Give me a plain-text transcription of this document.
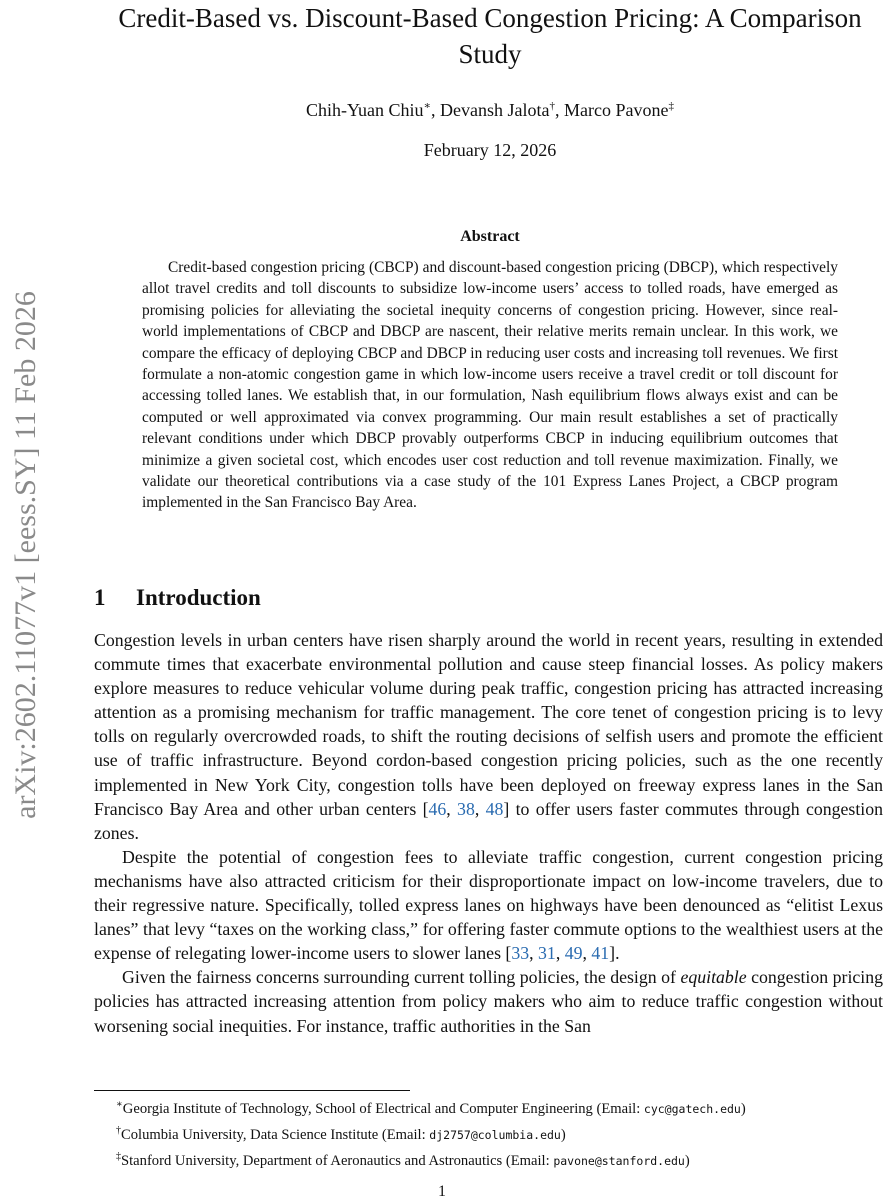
arXiv:2602.11077v1 [eess.SY] 11 Feb 2026
Credit-Based vs. Discount-Based Congestion Pricing: A Comparison Study
Chih-Yuan Chiu∗, Devansh Jalota†, Marco Pavone‡
February 12, 2026
Abstract

Credit-based congestion pricing (CBCP) and discount-based congestion pricing (DBCP), which respectively allot travel credits and toll discounts to subsidize low-income users’ access to tolled roads, have emerged as promising policies for alleviating the societal inequity concerns of congestion pricing. However, since real-world implementations of CBCP and DBCP are nascent, their relative merits remain unclear. In this work, we compare the efficacy of deploying CBCP and DBCP in reducing user costs and increasing toll revenues. We first formulate a non-atomic congestion game in which low-income users receive a travel credit or toll discount for accessing tolled lanes. We establish that, in our formulation, Nash equilibrium flows always exist and can be computed or well approximated via convex programming. Our main result establishes a set of practically relevant conditions under which DBCP provably outperforms CBCP in inducing equilibrium outcomes that minimize a given societal cost, which encodes user cost reduction and toll revenue maximization. Finally, we validate our theoretical contributions via a case study of the 101 Express Lanes Project, a CBCP program implemented in the San Francisco Bay Area.

1 Introduction

Congestion levels in urban centers have risen sharply around the world in recent years, resulting in extended commute times that exacerbate environmental pollution and cause steep financial losses. As policy makers explore measures to reduce vehicular volume during peak traffic, congestion pricing has attracted increasing attention as a promising mechanism for traffic management. The core tenet of congestion pricing is to levy tolls on regularly overcrowded roads, to shift the routing decisions of selfish users and promote the efficient use of traffic infrastructure. Beyond cordon-based congestion pricing policies, such as the one recently implemented in New York City, congestion tolls have been deployed on freeway express lanes in the San Francisco Bay Area and other urban centers [46, 38, 48] to offer users faster commutes through congestion zones.

Despite the potential of congestion fees to alleviate traffic congestion, current congestion pricing mechanisms have also attracted criticism for their disproportionate impact on low-income travelers, due to their regressive nature. Specifically, tolled express lanes on highways have been denounced as “elitist Lexus lanes” that levy “taxes on the working class,” for offering faster commute options to the wealthiest users at the expense of relegating lower-income users to slower lanes [33, 31, 49, 41].

Given the fairness concerns surrounding current tolling policies, the design of equitable congestion pricing policies has attracted increasing attention from policy makers who aim to reduce traffic congestion without worsening social inequities. For instance, traffic authorities in the San

∗Georgia Institute of Technology, School of Electrical and Computer Engineering (Email: cyc@gatech.edu)
†Columbia University, Data Science Institute (Email: dj2757@columbia.edu)
‡Stanford University, Department of Aeronautics and Astronautics (Email: pavone@stanford.edu)
1
